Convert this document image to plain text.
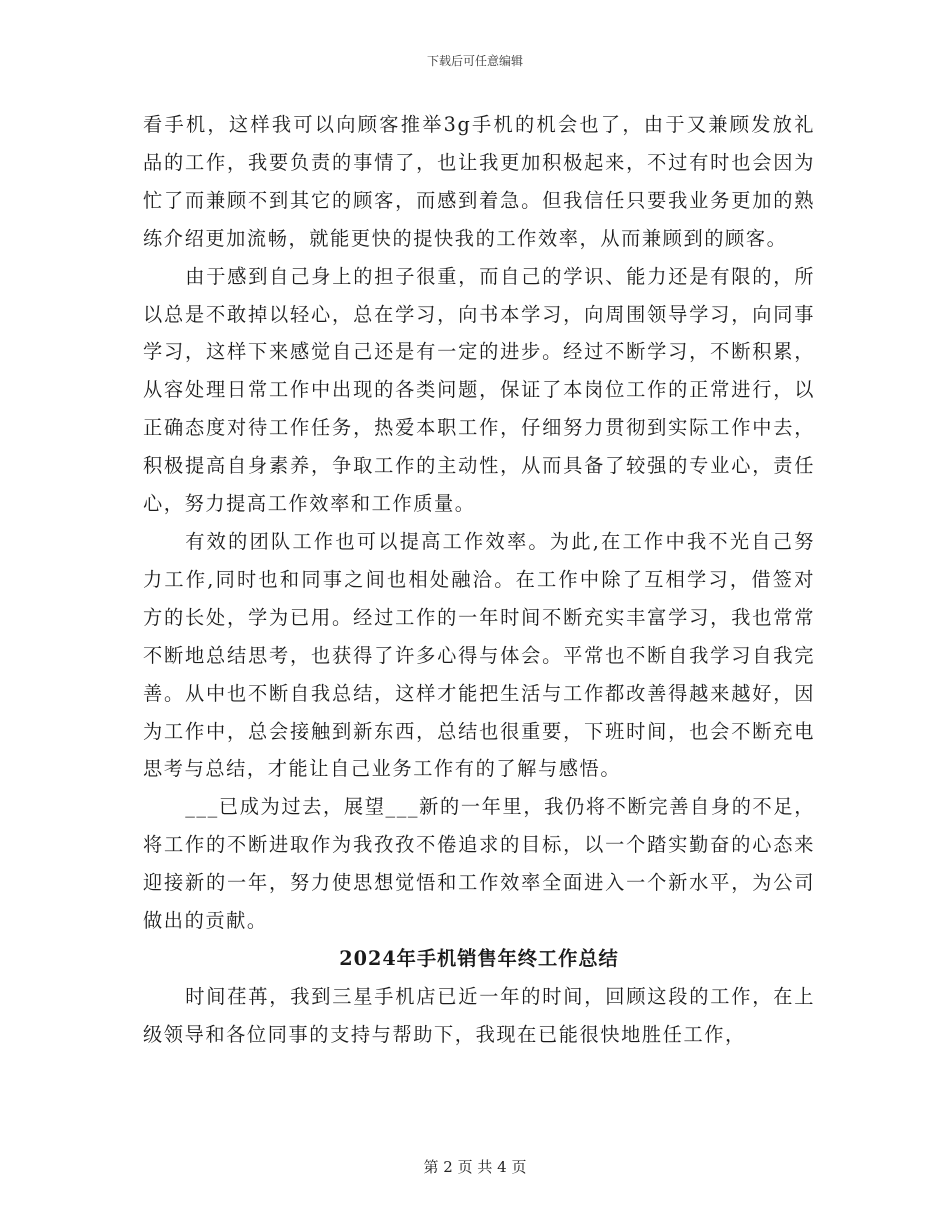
下载后可任意编辑

看手机，这样我可以向顾客推举3g手机的机会也了，由于又兼顾发放礼品的工作，我要负责的事情了，也让我更加积极起来，不过有时也会因为忙了而兼顾不到其它的顾客，而感到着急。但我信任只要我业务更加的熟练介绍更加流畅，就能更快的提快我的工作效率，从而兼顾到的顾客。

由于感到自己身上的担子很重，而自己的学识、能力还是有限的，所以总是不敢掉以轻心，总在学习，向书本学习，向周围领导学习，向同事学习，这样下来感觉自己还是有一定的进步。经过不断学习，不断积累，从容处理日常工作中出现的各类问题，保证了本岗位工作的正常进行，以正确态度对待工作任务，热爱本职工作，仔细努力贯彻到实际工作中去，积极提高自身素养，争取工作的主动性，从而具备了较强的专业心，责任心，努力提高工作效率和工作质量。

有效的团队工作也可以提高工作效率。为此,在工作中我不光自己努力工作,同时也和同事之间也相处融洽。在工作中除了互相学习，借签对方的长处，学为已用。经过工作的一年时间不断充实丰富学习，我也常常不断地总结思考，也获得了许多心得与体会。平常也不断自我学习自我完善。从中也不断自我总结，这样才能把生活与工作都改善得越来越好，因为工作中，总会接触到新东西，总结也很重要，下班时间，也会不断充电思考与总结，才能让自己业务工作有的了解与感悟。

___已成为过去，展望___新的一年里，我仍将不断完善自身的不足，将工作的不断进取作为我孜孜不倦追求的目标，以一个踏实勤奋的心态来迎接新的一年，努力使思想觉悟和工作效率全面进入一个新水平，为公司做出的贡献。

2024年手机销售年终工作总结

时间荏苒，我到三星手机店已近一年的时间，回顾这段的工作，在上级领导和各位同事的支持与帮助下，我现在已能很快地胜任工作，

第 2 页 共 4 页
